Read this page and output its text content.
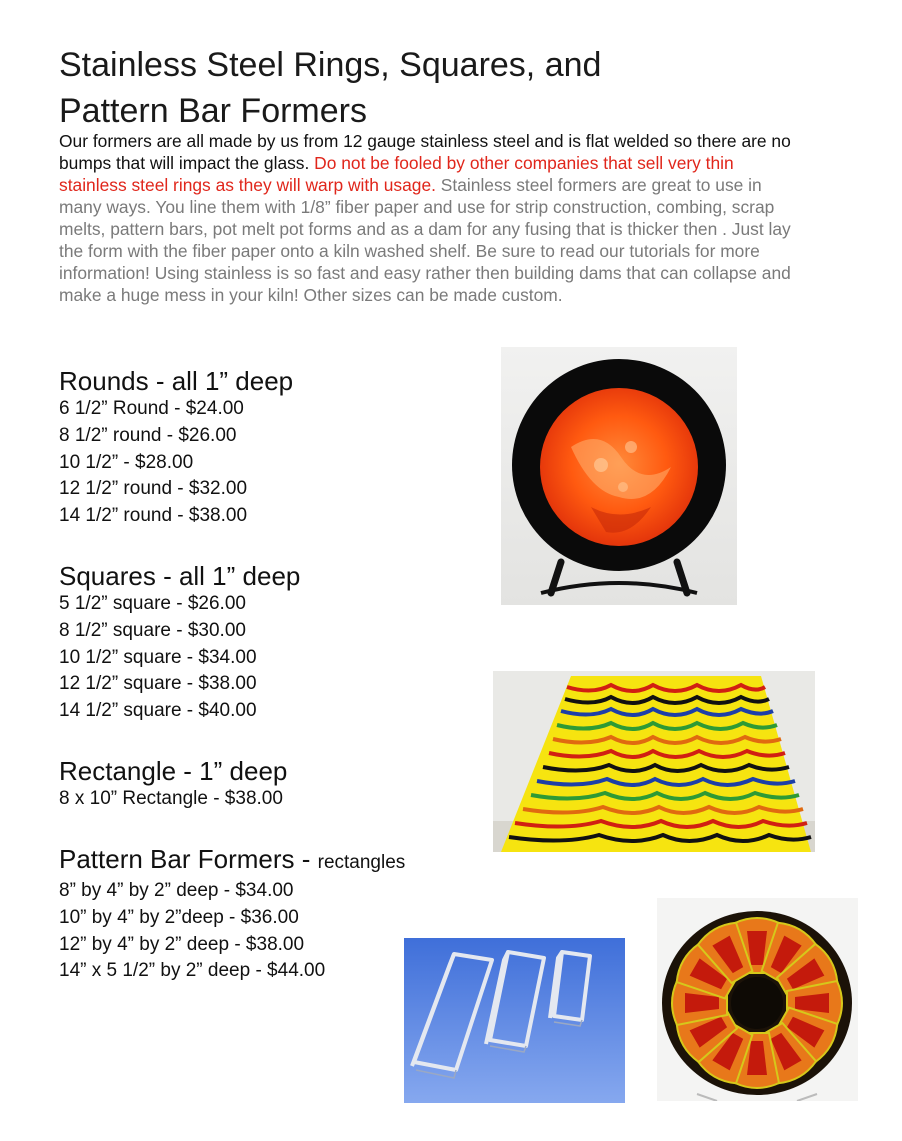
Stainless Steel Rings, Squares, and
Pattern Bar Formers

Our formers are all made by us from 12 gauge stainless steel and is flat welded so there are no bumps that will impact the glass. Do not be fooled by other companies that sell very thin stainless steel rings as they will warp with usage. Stainless steel formers are great to use in many ways. You line them with 1/8” fiber paper and use for strip construction, combing, scrap melts, pattern bars, pot melt pot forms and as a dam for any fusing that is thicker then . Just lay the form with the fiber paper onto a kiln washed shelf. Be sure to read our tutorials for more information! Using stainless is so fast and easy rather then building dams that can collapse and make a huge mess in your kiln! Other sizes can be made custom.

Rounds - all 1” deep
6 1/2” Round - $24.00
8 1/2” round - $26.00
10 1/2” - $28.00
12 1/2” round - $32.00
14 1/2” round - $38.00
Squares - all 1” deep
5 1/2” square - $26.00
8 1/2” square - $30.00
10 1/2” square - $34.00
12 1/2” square - $38.00
14 1/2” square - $40.00
Rectangle - 1” deep
8 x 10” Rectangle - $38.00
Pattern Bar Formers - rectangles
8” by 4” by 2” deep - $34.00
10” by 4” by 2”deep - $36.00
12” by 4” by 2” deep - $38.00
14” x 5 1/2” by 2” deep - $44.00
